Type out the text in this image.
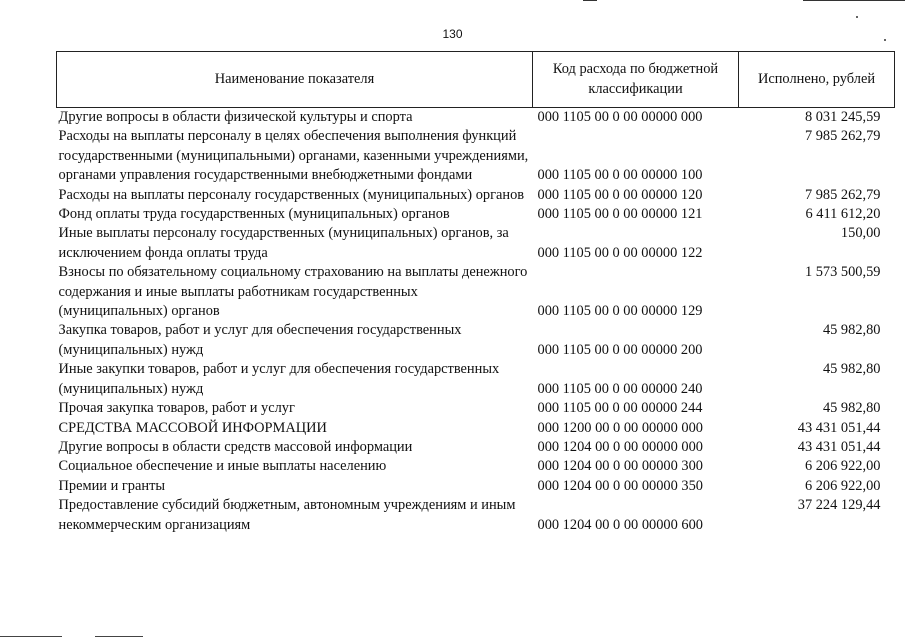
130
Наименование показателя	Код расхода по бюджетной классификации	Исполнено, рублей
Другие вопросы в области физической культуры и спорта	000 1105 00 0 00 00000 000	8 031 245,59
Расходы на выплаты персоналу в целях обеспечения выполнения функций государственными (муниципальными) органами, казенными учреждениями, органами управления государственными внебюджетными фондами	000 1105 00 0 00 00000 100	7 985 262,79
Расходы на выплаты персоналу государственных (муниципальных) органов	000 1105 00 0 00 00000 120	7 985 262,79
Фонд оплаты труда государственных (муниципальных) органов	000 1105 00 0 00 00000 121	6 411 612,20
Иные выплаты персоналу государственных (муниципальных) органов, за исключением фонда оплаты труда	000 1105 00 0 00 00000 122	150,00
Взносы по обязательному социальному страхованию на выплаты денежного содержания и иные выплаты работникам государственных (муниципальных) органов	000 1105 00 0 00 00000 129	1 573 500,59
Закупка товаров, работ и услуг для обеспечения государственных (муниципальных) нужд	000 1105 00 0 00 00000 200	45 982,80
Иные закупки товаров, работ и услуг для обеспечения государственных (муниципальных) нужд	000 1105 00 0 00 00000 240	45 982,80
Прочая закупка товаров, работ и услуг	000 1105 00 0 00 00000 244	45 982,80
СРЕДСТВА МАССОВОЙ ИНФОРМАЦИИ	000 1200 00 0 00 00000 000	43 431 051,44
Другие вопросы в области средств массовой информации	000 1204 00 0 00 00000 000	43 431 051,44
Социальное обеспечение и иные выплаты населению	000 1204 00 0 00 00000 300	6 206 922,00
Премии и гранты	000 1204 00 0 00 00000 350	6 206 922,00
Предоставление субсидий бюджетным, автономным учреждениям и иным некоммерческим организациям	000 1204 00 0 00 00000 600	37 224 129,44
